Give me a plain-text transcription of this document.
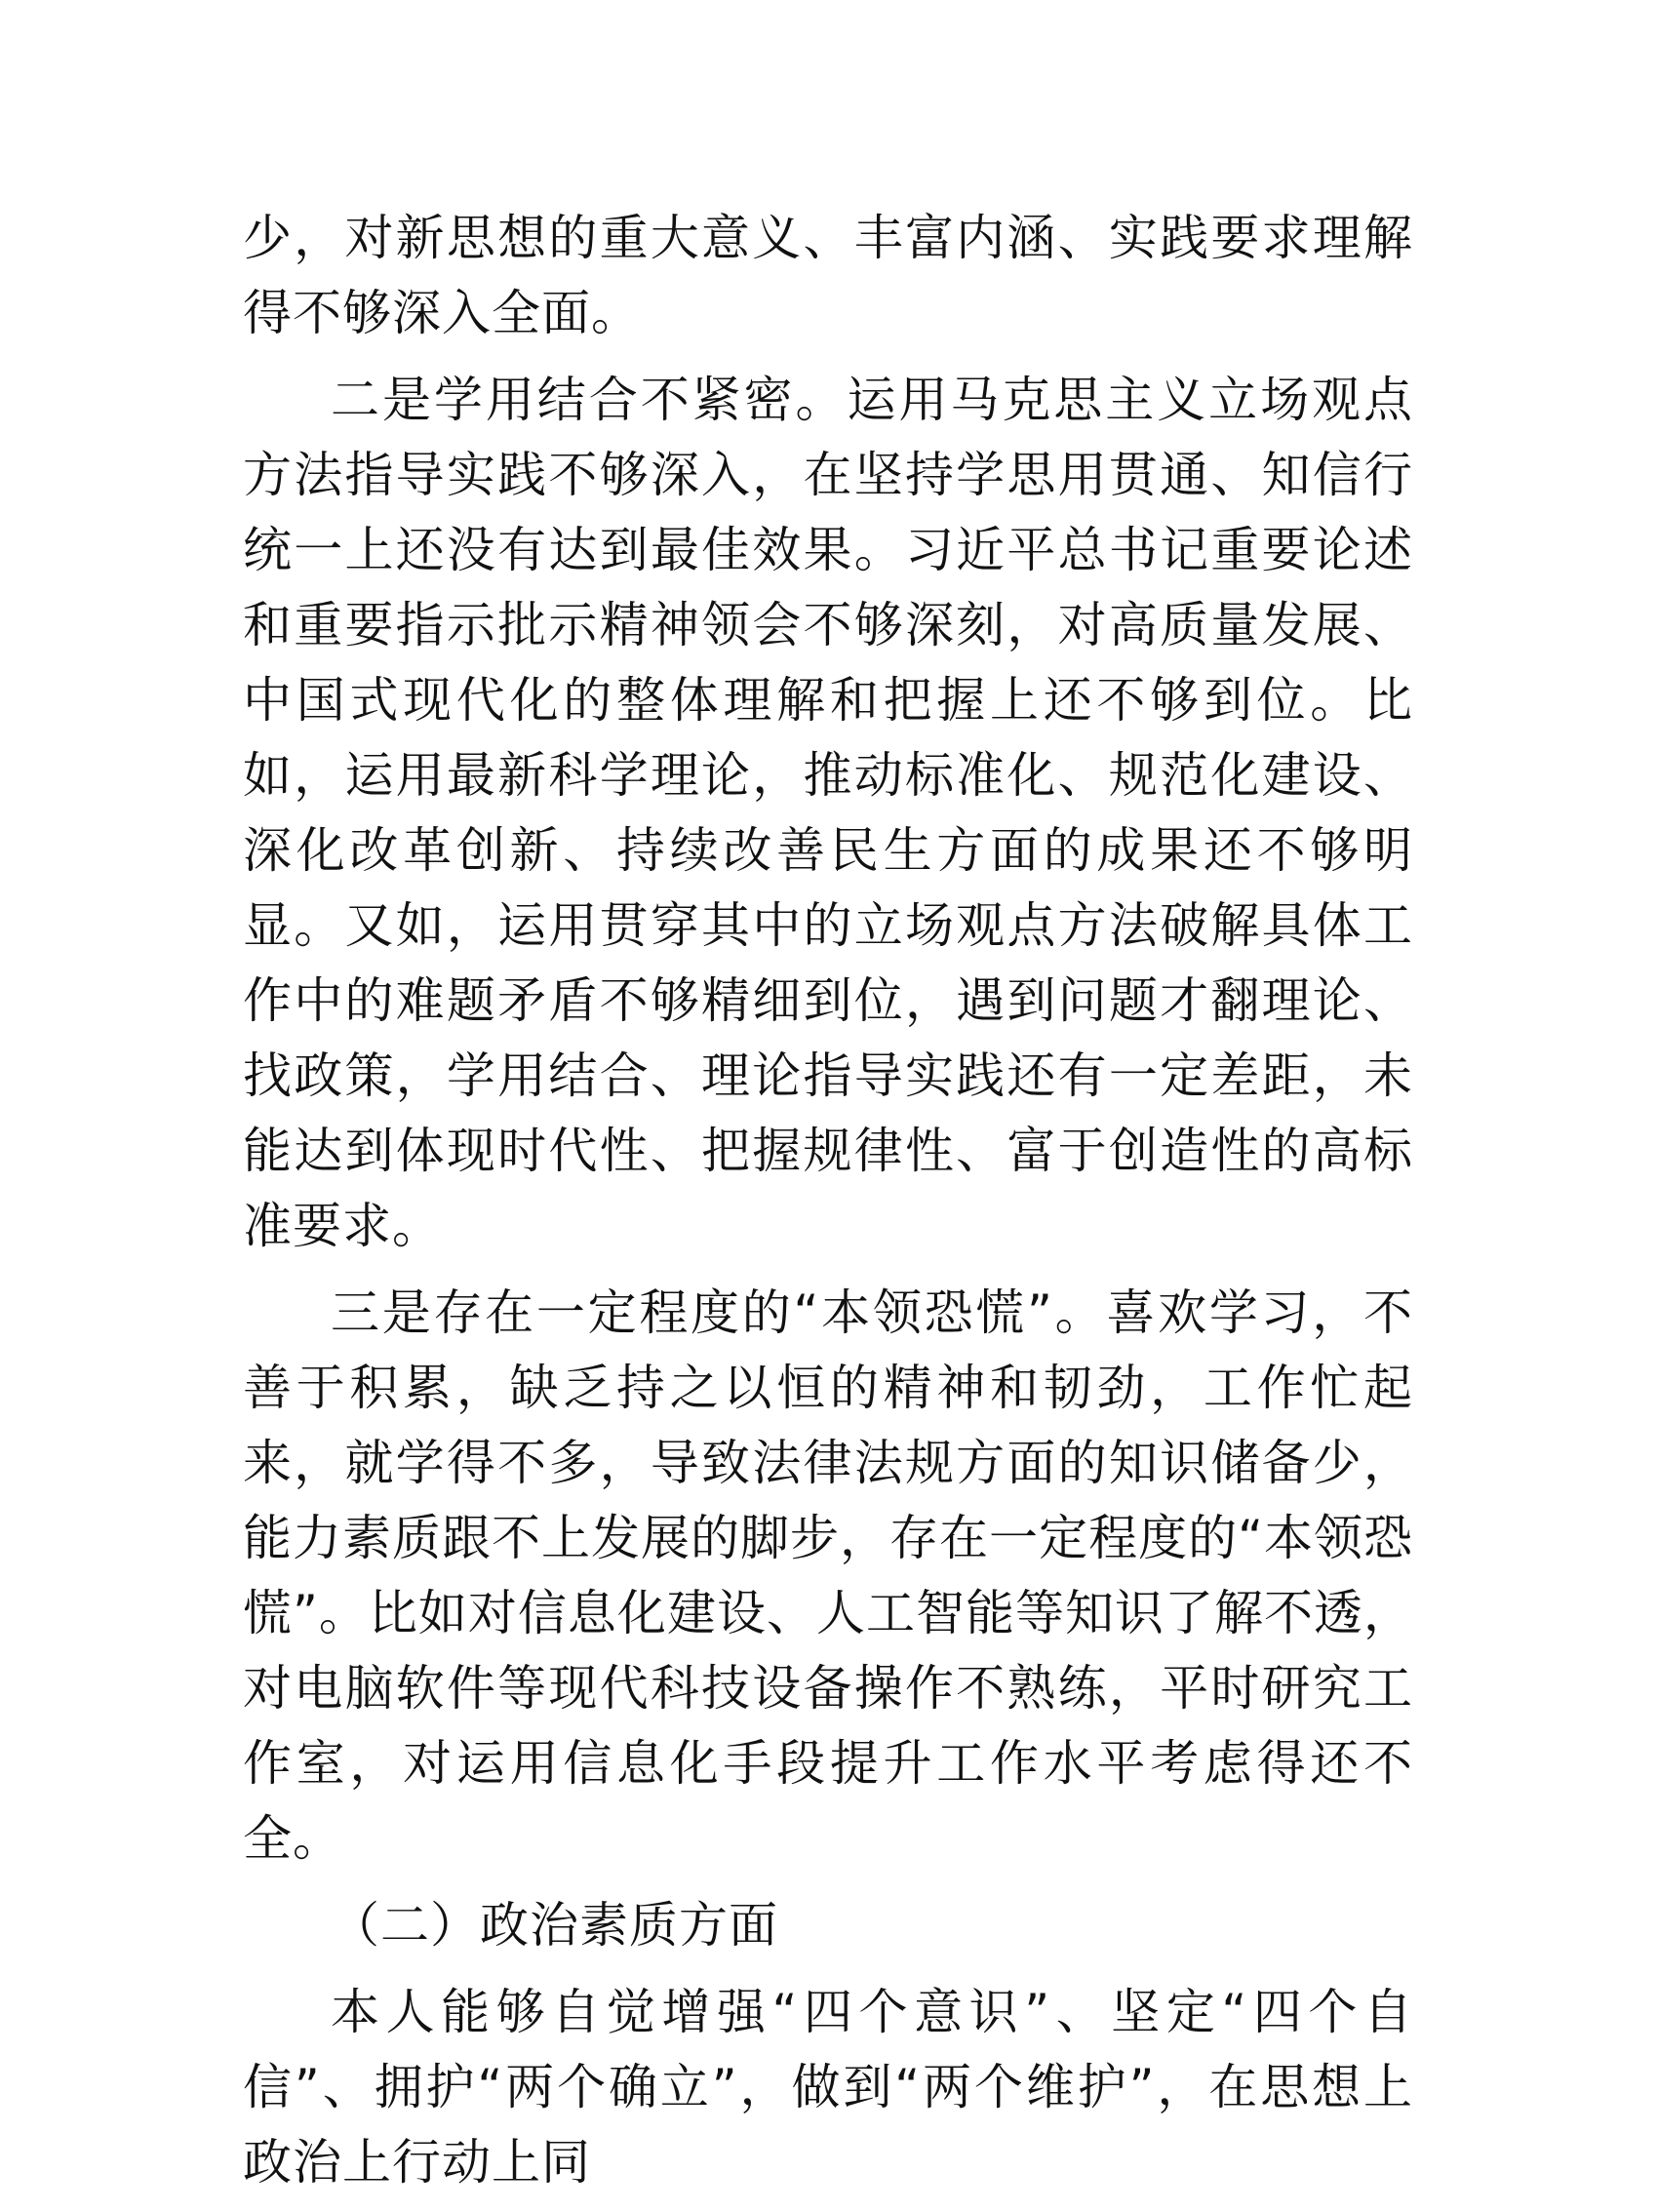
少，对新思想的重大意义、丰富内涵、实践要求理解得不够深入全面。

二是学用结合不紧密。运用马克思主义立场观点方法指导实践不够深入，在坚持学思用贯通、知信行统一上还没有达到最佳效果。习近平总书记重要论述和重要指示批示精神领会不够深刻，对高质量发展、中国式现代化的整体理解和把握上还不够到位。比如，运用最新科学理论，推动标准化、规范化建设、深化改革创新、持续改善民生方面的成果还不够明显。又如，运用贯穿其中的立场观点方法破解具体工作中的难题矛盾不够精细到位，遇到问题才翻理论、找政策，学用结合、理论指导实践还有一定差距，未能达到体现时代性、把握规律性、富于创造性的高标准要求。

三是存在一定程度的“本领恐慌”。喜欢学习，不善于积累，缺乏持之以恒的精神和韧劲，工作忙起来，就学得不多，导致法律法规方面的知识储备少，能力素质跟不上发展的脚步，存在一定程度的“本领恐慌”。比如对信息化建设、人工智能等知识了解不透，对电脑软件等现代科技设备操作不熟练，平时研究工作室，对运用信息化手段提升工作水平考虑得还不全。

（二）政治素质方面

本人能够自觉增强“四个意识”、坚定“四个自信”、拥护“两个确立”，做到“两个维护”，在思想上政治上行动上同
